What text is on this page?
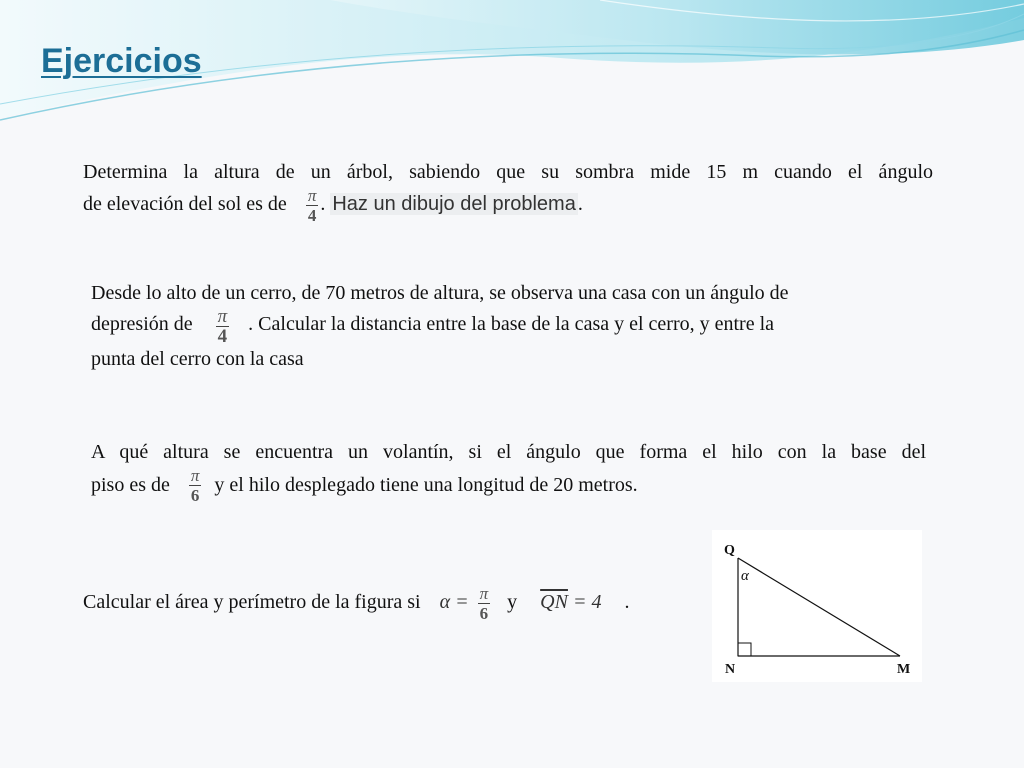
Ejercicios
Determina la altura de un árbol, sabiendo que su sombra mide 15 m cuando el ángulo
de elevación del sol es de $\frac{\pi}{4}$ . Haz un dibujo del problema .
Desde lo alto de un cerro, de 70 metros de altura, se observa una casa con un ángulo de
depresión de $\frac{\pi}{4}$ . Calcular la distancia entre la base de la casa y el cerro, y entre la
punta del cerro con la casa
A qué altura se encuentra un volantín, si el ángulo que forma el hilo con la base del
piso es de $\frac{\pi}{6}$ y el hilo desplegado tiene una longitud de 20 metros.
Calcular el área y perímetro de la figura si $\alpha = \frac{\pi}{6}$ y $\overline{QN} = 4$ .
Q
N	M
α
